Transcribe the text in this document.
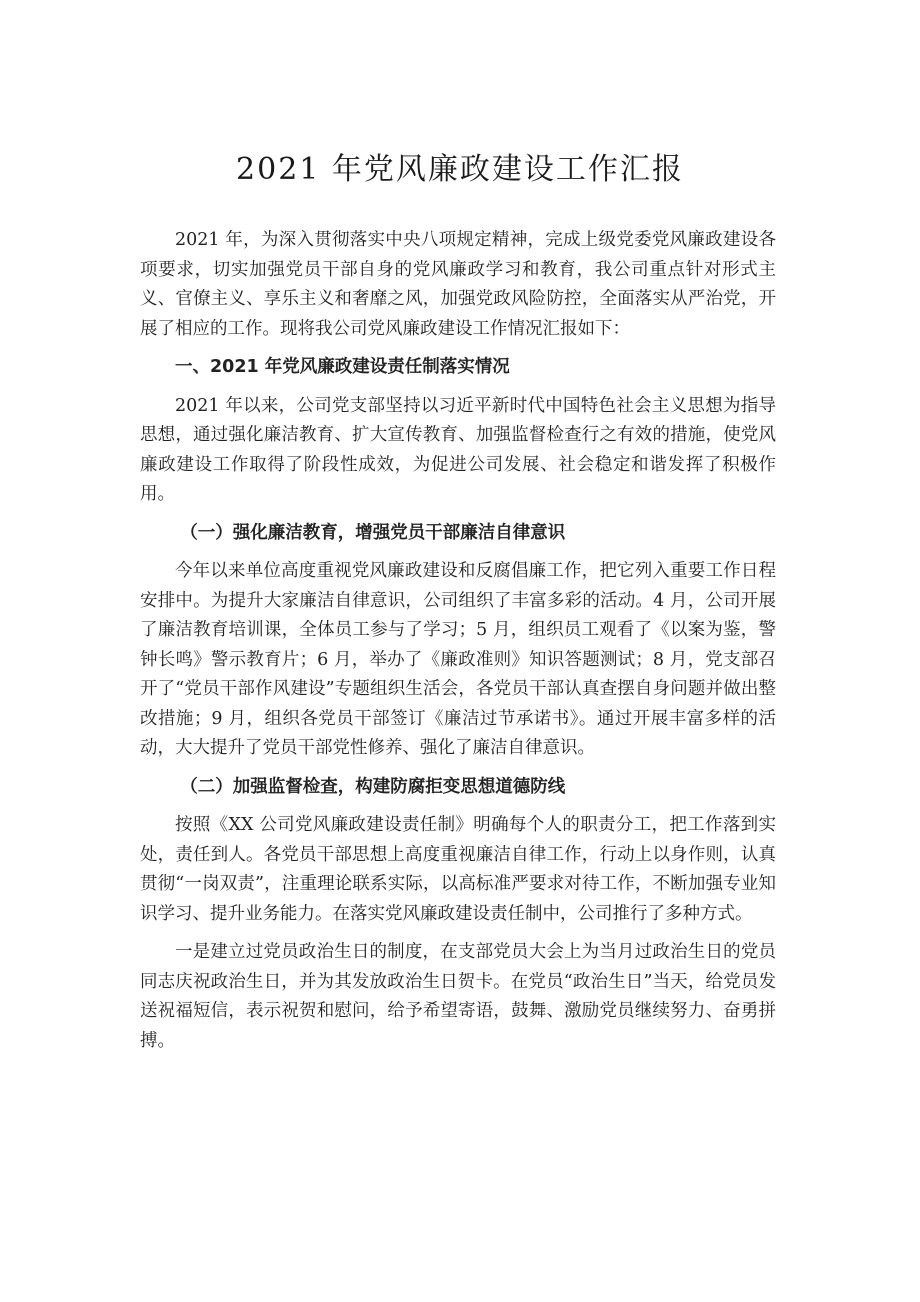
2021 年党风廉政建设工作汇报

2021 年，为深入贯彻落实中央八项规定精神，完成上级党委党风廉政建设各项要求，切实加强党员干部自身的党风廉政学习和教育，我公司重点针对形式主义、官僚主义、享乐主义和奢靡之风，加强党政风险防控，全面落实从严治党，开展了相应的工作。现将我公司党风廉政建设工作情况汇报如下：

一、2021 年党风廉政建设责任制落实情况

2021 年以来，公司党支部坚持以习近平新时代中国特色社会主义思想为指导思想，通过强化廉洁教育、扩大宣传教育、加强监督检查行之有效的措施，使党风廉政建设工作取得了阶段性成效，为促进公司发展、社会稳定和谐发挥了积极作用。

（一）强化廉洁教育，增强党员干部廉洁自律意识

今年以来单位高度重视党风廉政建设和反腐倡廉工作，把它列入重要工作日程安排中。为提升大家廉洁自律意识，公司组织了丰富多彩的活动。4 月，公司开展了廉洁教育培训课，全体员工参与了学习；5 月，组织员工观看了《以案为鉴，警钟长鸣》警示教育片；6 月，举办了《廉政准则》知识答题测试；8 月，党支部召开了“党员干部作风建设”专题组织生活会，各党员干部认真查摆自身问题并做出整改措施；9 月，组织各党员干部签订《廉洁过节承诺书》。通过开展丰富多样的活动，大大提升了党员干部党性修养、强化了廉洁自律意识。

（二）加强监督检查，构建防腐拒变思想道德防线

按照《XX 公司党风廉政建设责任制》明确每个人的职责分工，把工作落到实处，责任到人。各党员干部思想上高度重视廉洁自律工作，行动上以身作则，认真贯彻“一岗双责”，注重理论联系实际，以高标准严要求对待工作，不断加强专业知识学习、提升业务能力。在落实党风廉政建设责任制中，公司推行了多种方式。

一是建立过党员政治生日的制度，在支部党员大会上为当月过政治生日的党员同志庆祝政治生日，并为其发放政治生日贺卡。在党员“政治生日”当天，给党员发送祝福短信，表示祝贺和慰问，给予希望寄语，鼓舞、激励党员继续努力、奋勇拼搏。
